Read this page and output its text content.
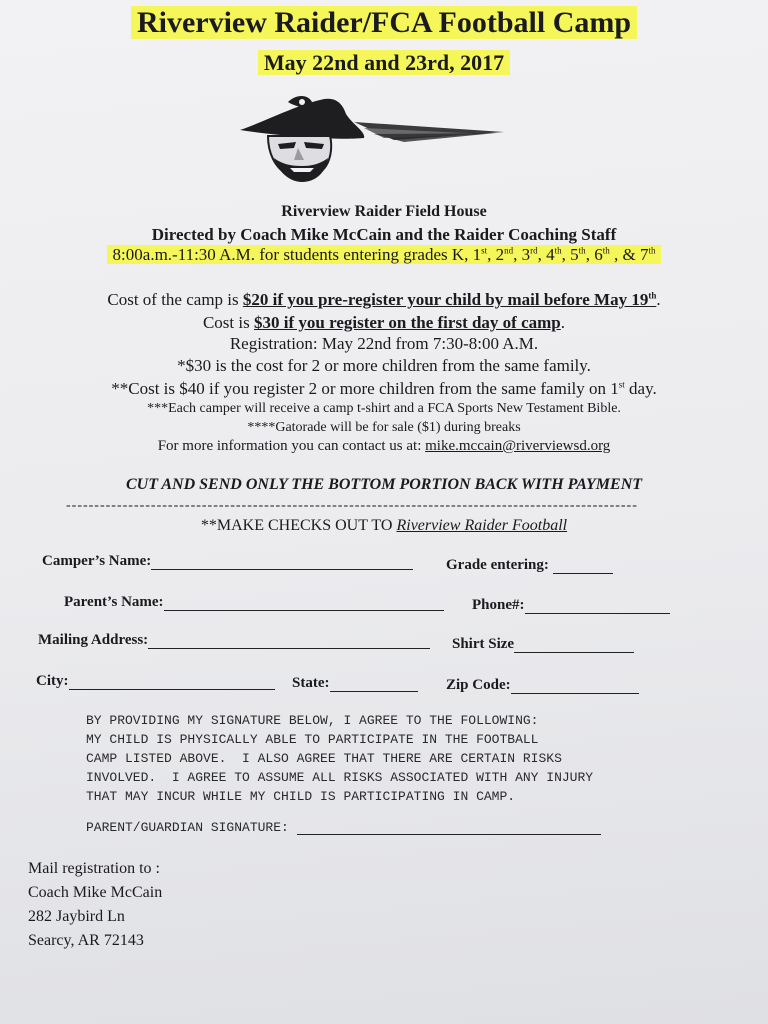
Riverview Raider/FCA Football Camp
May 22nd and 23rd, 2017
Riverview Raider Field House
Directed by Coach Mike McCain and the Raider Coaching Staff
8:00a.m.-11:30 A.M. for students entering grades K, 1st, 2nd, 3rd, 4th, 5th, 6th , & 7th
Cost of the camp is $20 if you pre-register your child by mail before May 19th.
Cost is $30 if you register on the first day of camp.
Registration: May 22nd from 7:30-8:00 A.M.
*$30 is the cost for 2 or more children from the same family.
**Cost is $40 if you register 2 or more children from the same family on 1st day.
***Each camper will receive a camp t-shirt and a FCA Sports New Testament Bible.
****Gatorade will be for sale ($1) during breaks
For more information you can contact us at: mike.mccain@riverviewsd.org
CUT AND SEND ONLY THE BOTTOM PORTION BACK WITH PAYMENT
-----------------------------------------------------------------------------------------------------
**MAKE CHECKS OUT TO Riverview Raider Football
Camper’s Name:	Grade entering:
Parent’s Name:	Phone#:
Mailing Address:	Shirt Size
City:	State:	Zip Code:
BY PROVIDING MY SIGNATURE BELOW, I AGREE TO THE FOLLOWING:
MY CHILD IS PHYSICALLY ABLE TO PARTICIPATE IN THE FOOTBALL
CAMP LISTED ABOVE.  I ALSO AGREE THAT THERE ARE CERTAIN RISKS
INVOLVED.  I AGREE TO ASSUME ALL RISKS ASSOCIATED WITH ANY INJURY
THAT MAY INCUR WHILE MY CHILD IS PARTICIPATING IN CAMP.
PARENT/GUARDIAN SIGNATURE:
Mail registration to :
Coach Mike McCain
282 Jaybird Ln
Searcy, AR 72143
